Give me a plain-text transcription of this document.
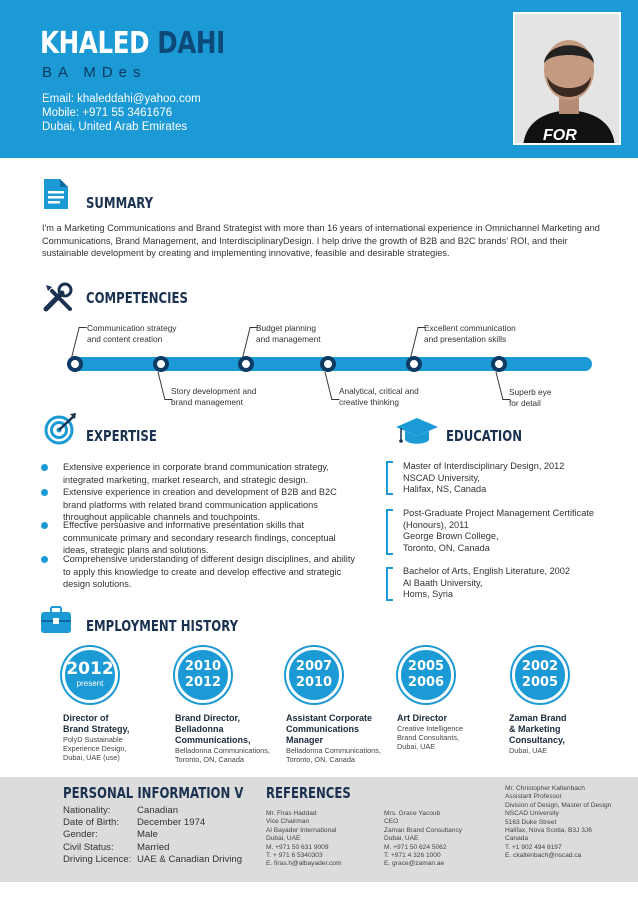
KHALED DAHI
BA MDes
Email: khaleddahi@yahoo.com
Mobile: +971 55 3461676
Dubai, United Arab Emirates	FOR
SUMMARY
I'm a Marketing Communications and Brand Strategist with more than 16 years of international experience in Omnichannel Marketing and Communications, Brand Management, and InterdisciplinaryDesign. I help drive the growth of B2B and B2C brands' ROI, and their sustainable development by creating and implementing innovative, feasible and desirable strategies.
COMPETENCIES
Communication strategy
and content creation
Story development and
brand management
Budget planning
and management
Analytical, critical and
creative thinking
Excellent communication
and presentation skills
Superb eye
for detail
EXPERTISE
Extensive experience in corporate brand communication strategy,
integrated marketing, market research, and strategic design.
Extensive experience in creation and development of B2B and B2C
brand platforms with related brand communication applications
throughout applicable channels and touchpoints.
Effective persuasive and informative presentation skills that
communicate primary and secondary research findings, conceptual
ideas, strategic plans and solutions.
Comprehensive understanding of different design disciplines, and ability
to apply this knowledge to create and develop effective and strategic
design solutions.
EDUCATION
Master of Interdisciplinary Design, 2012
NSCAD University,
Halifax, NS, Canada
Post-Graduate Project Management Certificate
(Honours), 2011
George Brown College,
Toronto, ON, Canada
Bachelor of Arts, English Literature, 2002
Al Baath University,
Homs, Syria
EMPLOYMENT HISTORY
2012
present
2010
2012
2007
2010
2005
2006
2002
2005
Director of
Brand Strategy,
PolyD Sustainable
Experience Design,
Dubai, UAE (use)
Brand Director,
Belladonna
Communications,
Belladonna Communications,
Toronto, ON, Canada
Assistant Corporate
Communications
Manager
Belladonna Communications,
Toronto, ON, Canada
Art Director
Creative Intelligence
Brand Consultants,
Dubai, UAE
Zaman Brand
& Marketing
Consultancy,
Dubai, UAE
PERSONAL INFORMATION V
Nationality:
Date of Birth:
Gender:
Civil Status:
Driving Licence:
Canadian
December 1974
Male
Married
UAE & Canadian Driving
REFERENCES
Mr. Firas Haddad
Vice Chairman
Al Bayader International
Dubai, UAE
M. +971 50 631 9009
T. + 971 6 5340303
E. firas.h@albayader.com
Mrs. Grace Yacoub
CEO
Zaman Brand Consultancy
Dubai, UAE
M. +971 50 624 5062
T. +971 4 326 1000
E. grace@zaman.ae
Mr. Christopher Kaltenbach
Assistant Professor
Division of Design, Master of Design
NSCAD University
5163 Duke Street
Halifax, Nova Scotia, B3J 3J6
Canada
T. +1 902 494 8197
E. ckaltenbach@nscad.ca
